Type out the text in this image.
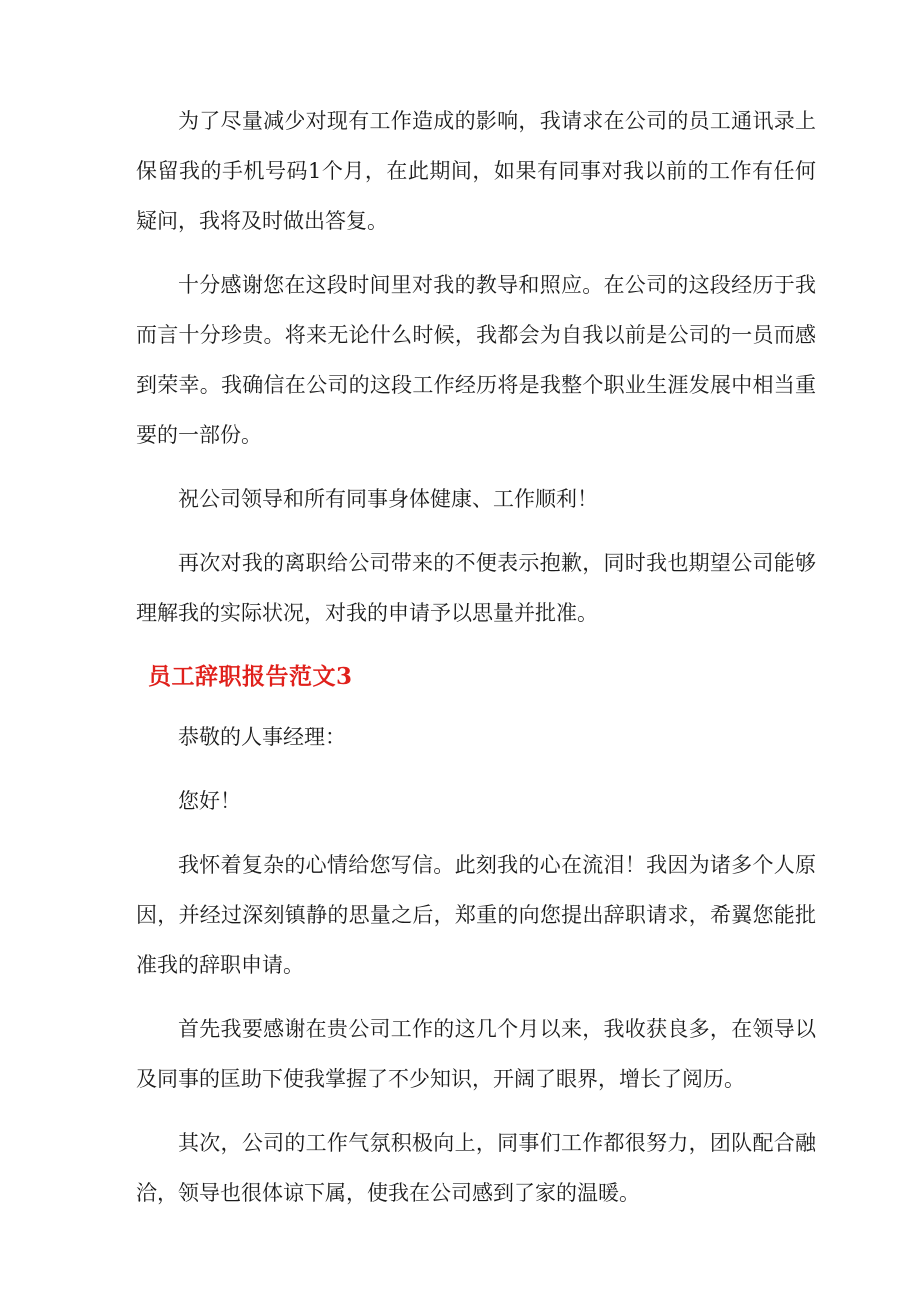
为了尽量减少对现有工作造成的影响，我请求在公司的员工通讯录上保留我的手机号码1个月，在此期间，如果有同事对我以前的工作有任何疑问，我将及时做出答复。

十分感谢您在这段时间里对我的教导和照应。在公司的这段经历于我而言十分珍贵。将来无论什么时候，我都会为自我以前是公司的一员而感到荣幸。我确信在公司的这段工作经历将是我整个职业生涯发展中相当重要的一部份。

祝公司领导和所有同事身体健康、工作顺利！

再次对我的离职给公司带来的不便表示抱歉，同时我也期望公司能够理解我的实际状况，对我的申请予以思量并批准。

员工辞职报告范文3

恭敬的人事经理：

您好！

我怀着复杂的心情给您写信。此刻我的心在流泪！我因为诸多个人原因，并经过深刻镇静的思量之后，郑重的向您提出辞职请求，希翼您能批准我的辞职申请。

首先我要感谢在贵公司工作的这几个月以来，我收获良多，在领导以及同事的匡助下使我掌握了不少知识，开阔了眼界，增长了阅历。

其次，公司的工作气氛积极向上，同事们工作都很努力，团队配合融洽，领导也很体谅下属，使我在公司感到了家的温暖。
